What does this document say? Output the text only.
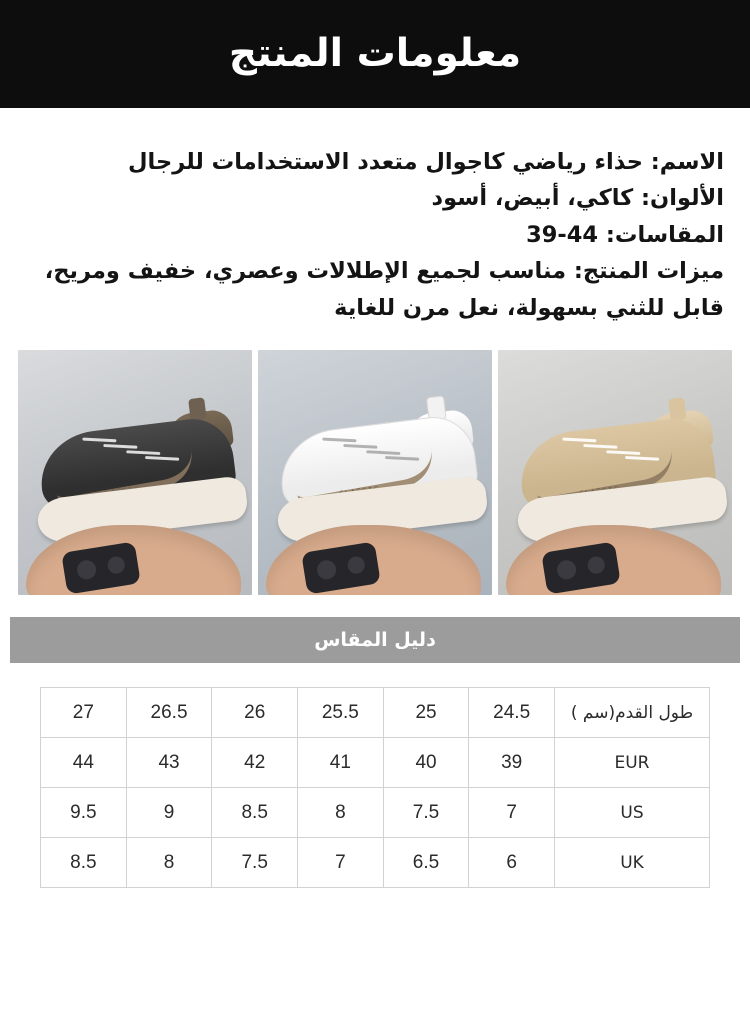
معلومات المنتج
الاسم: حذاء رياضي كاجوال متعدد الاستخدامات للرجال
الألوان: كاكي، أبيض، أسود
المقاسات: 39-44
ميزات المنتج: مناسب لجميع الإطلالات وعصري، خفيف ومريح،
قابل للثني بسهولة، نعل مرن للغاية
دليل المقاس
طول القدم(سم )	24.5	25	25.5	26	26.5	27
EUR	39	40	41	42	43	44
US	7	7.5	8	8.5	9	9.5
UK	6	6.5	7	7.5	8	8.5
